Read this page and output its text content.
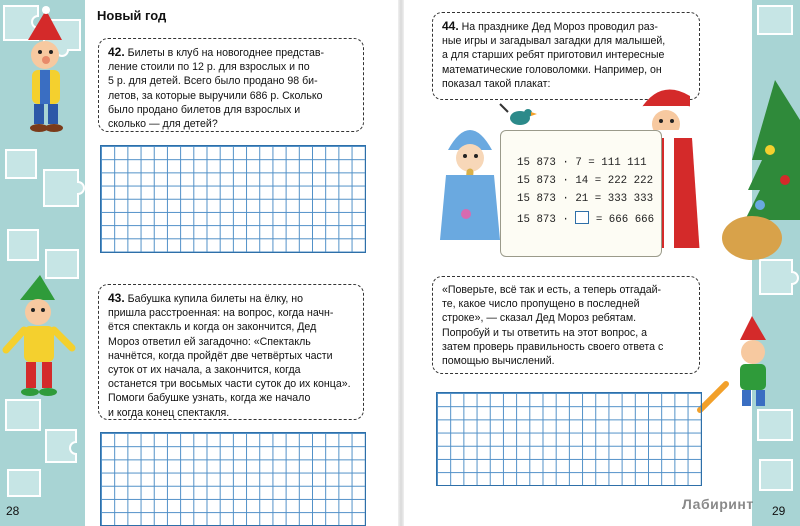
Новый год

42. Билеты в клуб на новогоднее представ-
ление стоили по 12 р. для взрослых и по
5 р. для детей. Всего было продано 98 би-
летов, за которые выручили 686 р. Сколько
было продано билетов для взрослых и
сколько — для детей?

43. Бабушка купила билеты на ёлку, но
пришла расстроенная: на вопрос, когда начн-
ётся спектакль и когда он закончится, Дед
Мороз ответил ей загадочно: «Спектакль
начнётся, когда пройдёт две четвёртых части
суток от их начала, а закончится, когда
останется три восьмых части суток до их конца».
Помоги бабушке узнать, когда же начало
и когда конец спектакля.

44. На празднике Дед Мороз проводил раз-
ные игры и загадывал загадки для малышей,
а для старших ребят приготовил интересные
математические головоломки. Например, он
показал такой плакат:

15 873 · 7 = 111 111
15 873 · 14 = 222 222
15 873 · 21 = 333 333
15 873 · = 666 666

«Поверьте, всё так и есть, а теперь отгадай-
те, какое число пропущено в последней
строке», — сказал Дед Мороз ребятам.
Попробуй и ты ответить на этот вопрос, а
затем проверь правильность своего ответа с
помощью вычислений.

28	29
Лабиринт
